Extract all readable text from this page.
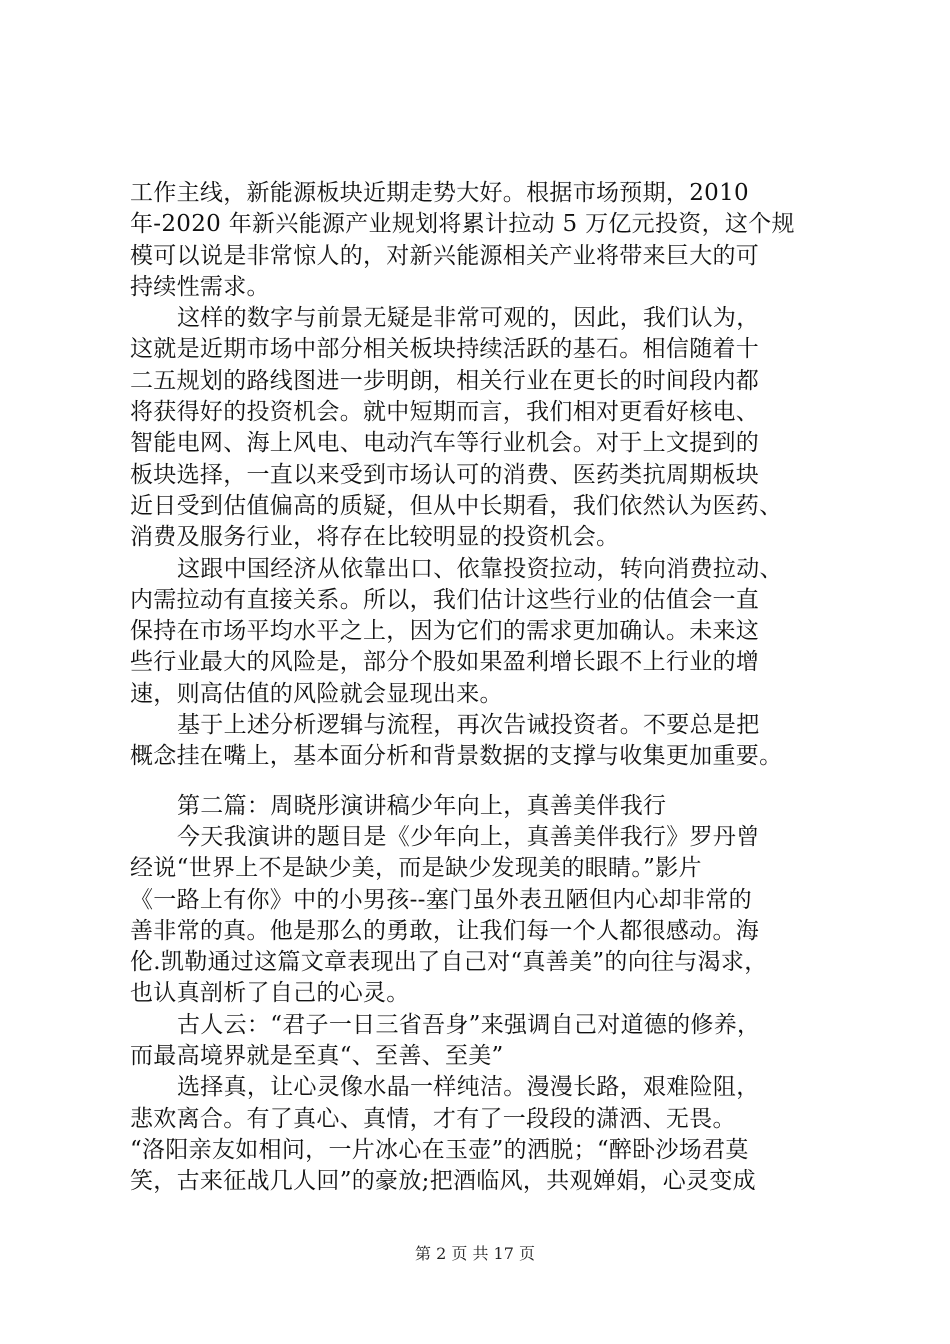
工作主线，新能源板块近期走势大好。根据市场预期，2010
年-2020 年新兴能源产业规划将累计拉动 5 万亿元投资，这个规
模可以说是非常惊人的，对新兴能源相关产业将带来巨大的可
持续性需求。
这样的数字与前景无疑是非常可观的，因此，我们认为，
这就是近期市场中部分相关板块持续活跃的基石。相信随着十
二五规划的路线图进一步明朗，相关行业在更长的时间段内都
将获得好的投资机会。就中短期而言，我们相对更看好核电、
智能电网、海上风电、电动汽车等行业机会。对于上文提到的
板块选择，一直以来受到市场认可的消费、医药类抗周期板块
近日受到估值偏高的质疑，但从中长期看，我们依然认为医药、
消费及服务行业，将存在比较明显的投资机会。
这跟中国经济从依靠出口、依靠投资拉动，转向消费拉动、
内需拉动有直接关系。所以，我们估计这些行业的估值会一直
保持在市场平均水平之上，因为它们的需求更加确认。未来这
些行业最大的风险是，部分个股如果盈利增长跟不上行业的增
速，则高估值的风险就会显现出来。
基于上述分析逻辑与流程，再次告诫投资者。不要总是把
概念挂在嘴上，基本面分析和背景数据的支撑与收集更加重要。
第二篇：周晓彤演讲稿少年向上，真善美伴我行
今天我演讲的题目是《少年向上，真善美伴我行》罗丹曾
经说“世界上不是缺少美，而是缺少发现美的眼睛。”影片
《一路上有你》中的小男孩--塞门虽外表丑陋但内心却非常的
善非常的真。他是那么的勇敢，让我们每一个人都很感动。海
伦.凯勒通过这篇文章表现出了自己对“真善美”的向往与渴求，
也认真剖析了自己的心灵。
古人云：“君子一日三省吾身”来强调自己对道德的修养，
而最高境界就是至真“、至善、至美”
选择真，让心灵像水晶一样纯洁。漫漫长路，艰难险阻，
悲欢离合。有了真心、真情，才有了一段段的潇洒、无畏。
“洛阳亲友如相问，一片冰心在玉壶”的洒脱；“醉卧沙场君莫
笑，古来征战几人回”的豪放;把酒临风，共观婵娟，心灵变成
第 2 页 共 17 页
